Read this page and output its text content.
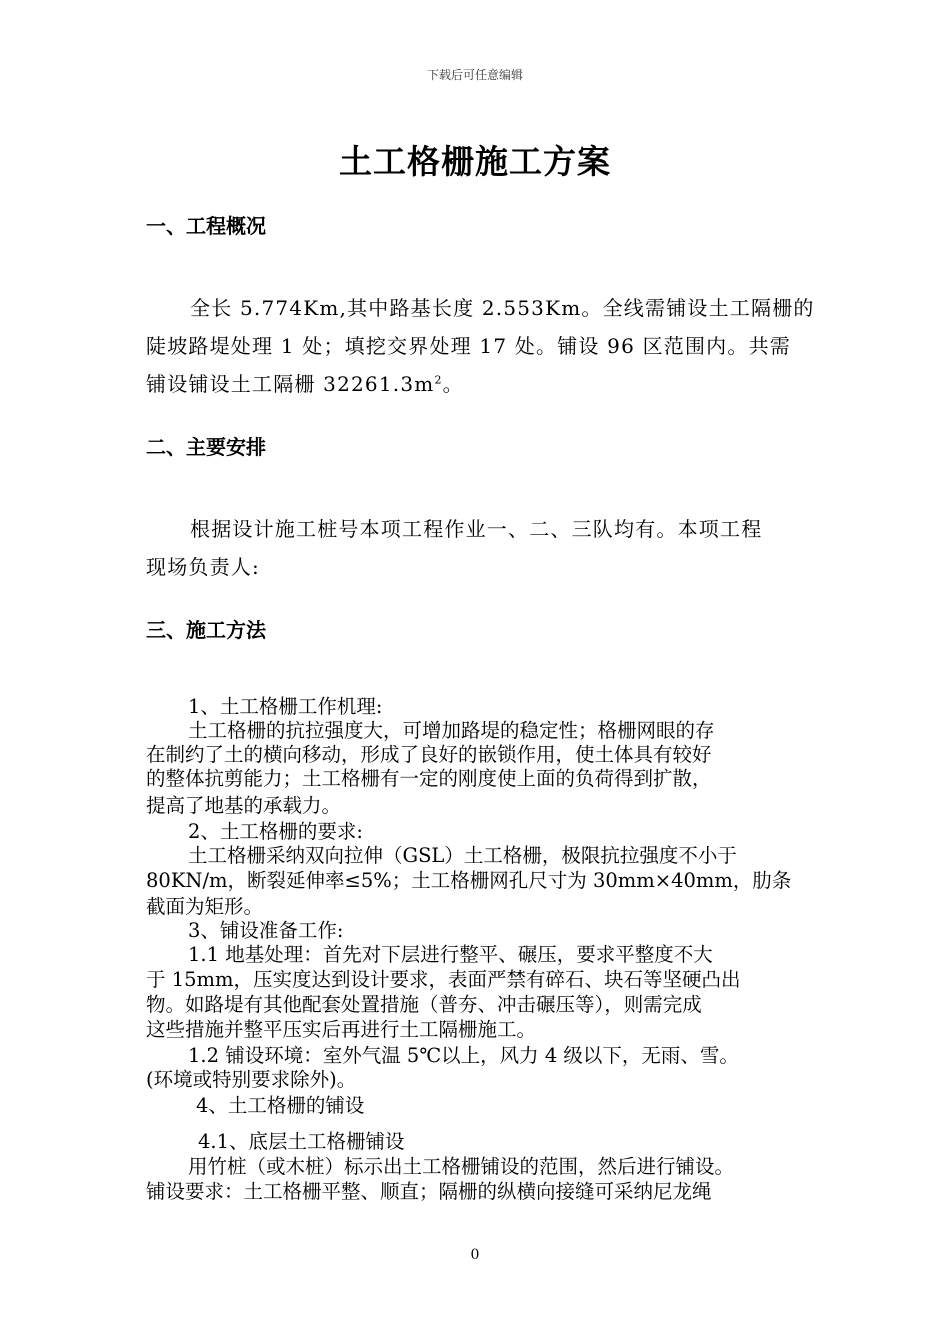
下载后可任意编辑
土工格栅施工方案
一、工程概况
全长 5.774Km,其中路基长度 2.553Km。全线需铺设土工隔栅的
陡坡路堤处理 1 处；填挖交界处理 17 处。铺设 96 区范围内。共需
铺设铺设土工隔栅 $32261.3m^2$。
二、主要安排
根据设计施工桩号本项工程作业一、二、三队均有。本项工程
现场负责人:
三、施工方法
1、土工格栅工作机理:
土工格栅的抗拉强度大，可增加路堤的稳定性；格栅网眼的存
在制约了土的横向移动，形成了良好的嵌锁作用，使土体具有较好
的整体抗剪能力；土工格栅有一定的刚度使上面的负荷得到扩散，
提高了地基的承载力。
2、土工格栅的要求:
土工格栅采纳双向拉伸（GSL）土工格栅，极限抗拉强度不小于
80KN/m，断裂延伸率≤5%；土工格栅网孔尺寸为 30mm×40mm，肋条
截面为矩形。
3、铺设准备工作:
1.1 地基处理：首先对下层进行整平、碾压，要求平整度不大
于 15mm，压实度达到设计要求，表面严禁有碎石、块石等坚硬凸出
物。如路堤有其他配套处置措施（普夯、冲击碾压等），则需完成
这些措施并整平压实后再进行土工隔栅施工。
1.2 铺设环境：室外气温 5℃以上，风力 4 级以下，无雨、雪。
(环境或特别要求除外)。
4、土工格栅的铺设
4.1、底层土工格栅铺设
用竹桩（或木桩）标示出土工格栅铺设的范围，然后进行铺设。
铺设要求：土工格栅平整、顺直；隔栅的纵横向接缝可采纳尼龙绳
0
